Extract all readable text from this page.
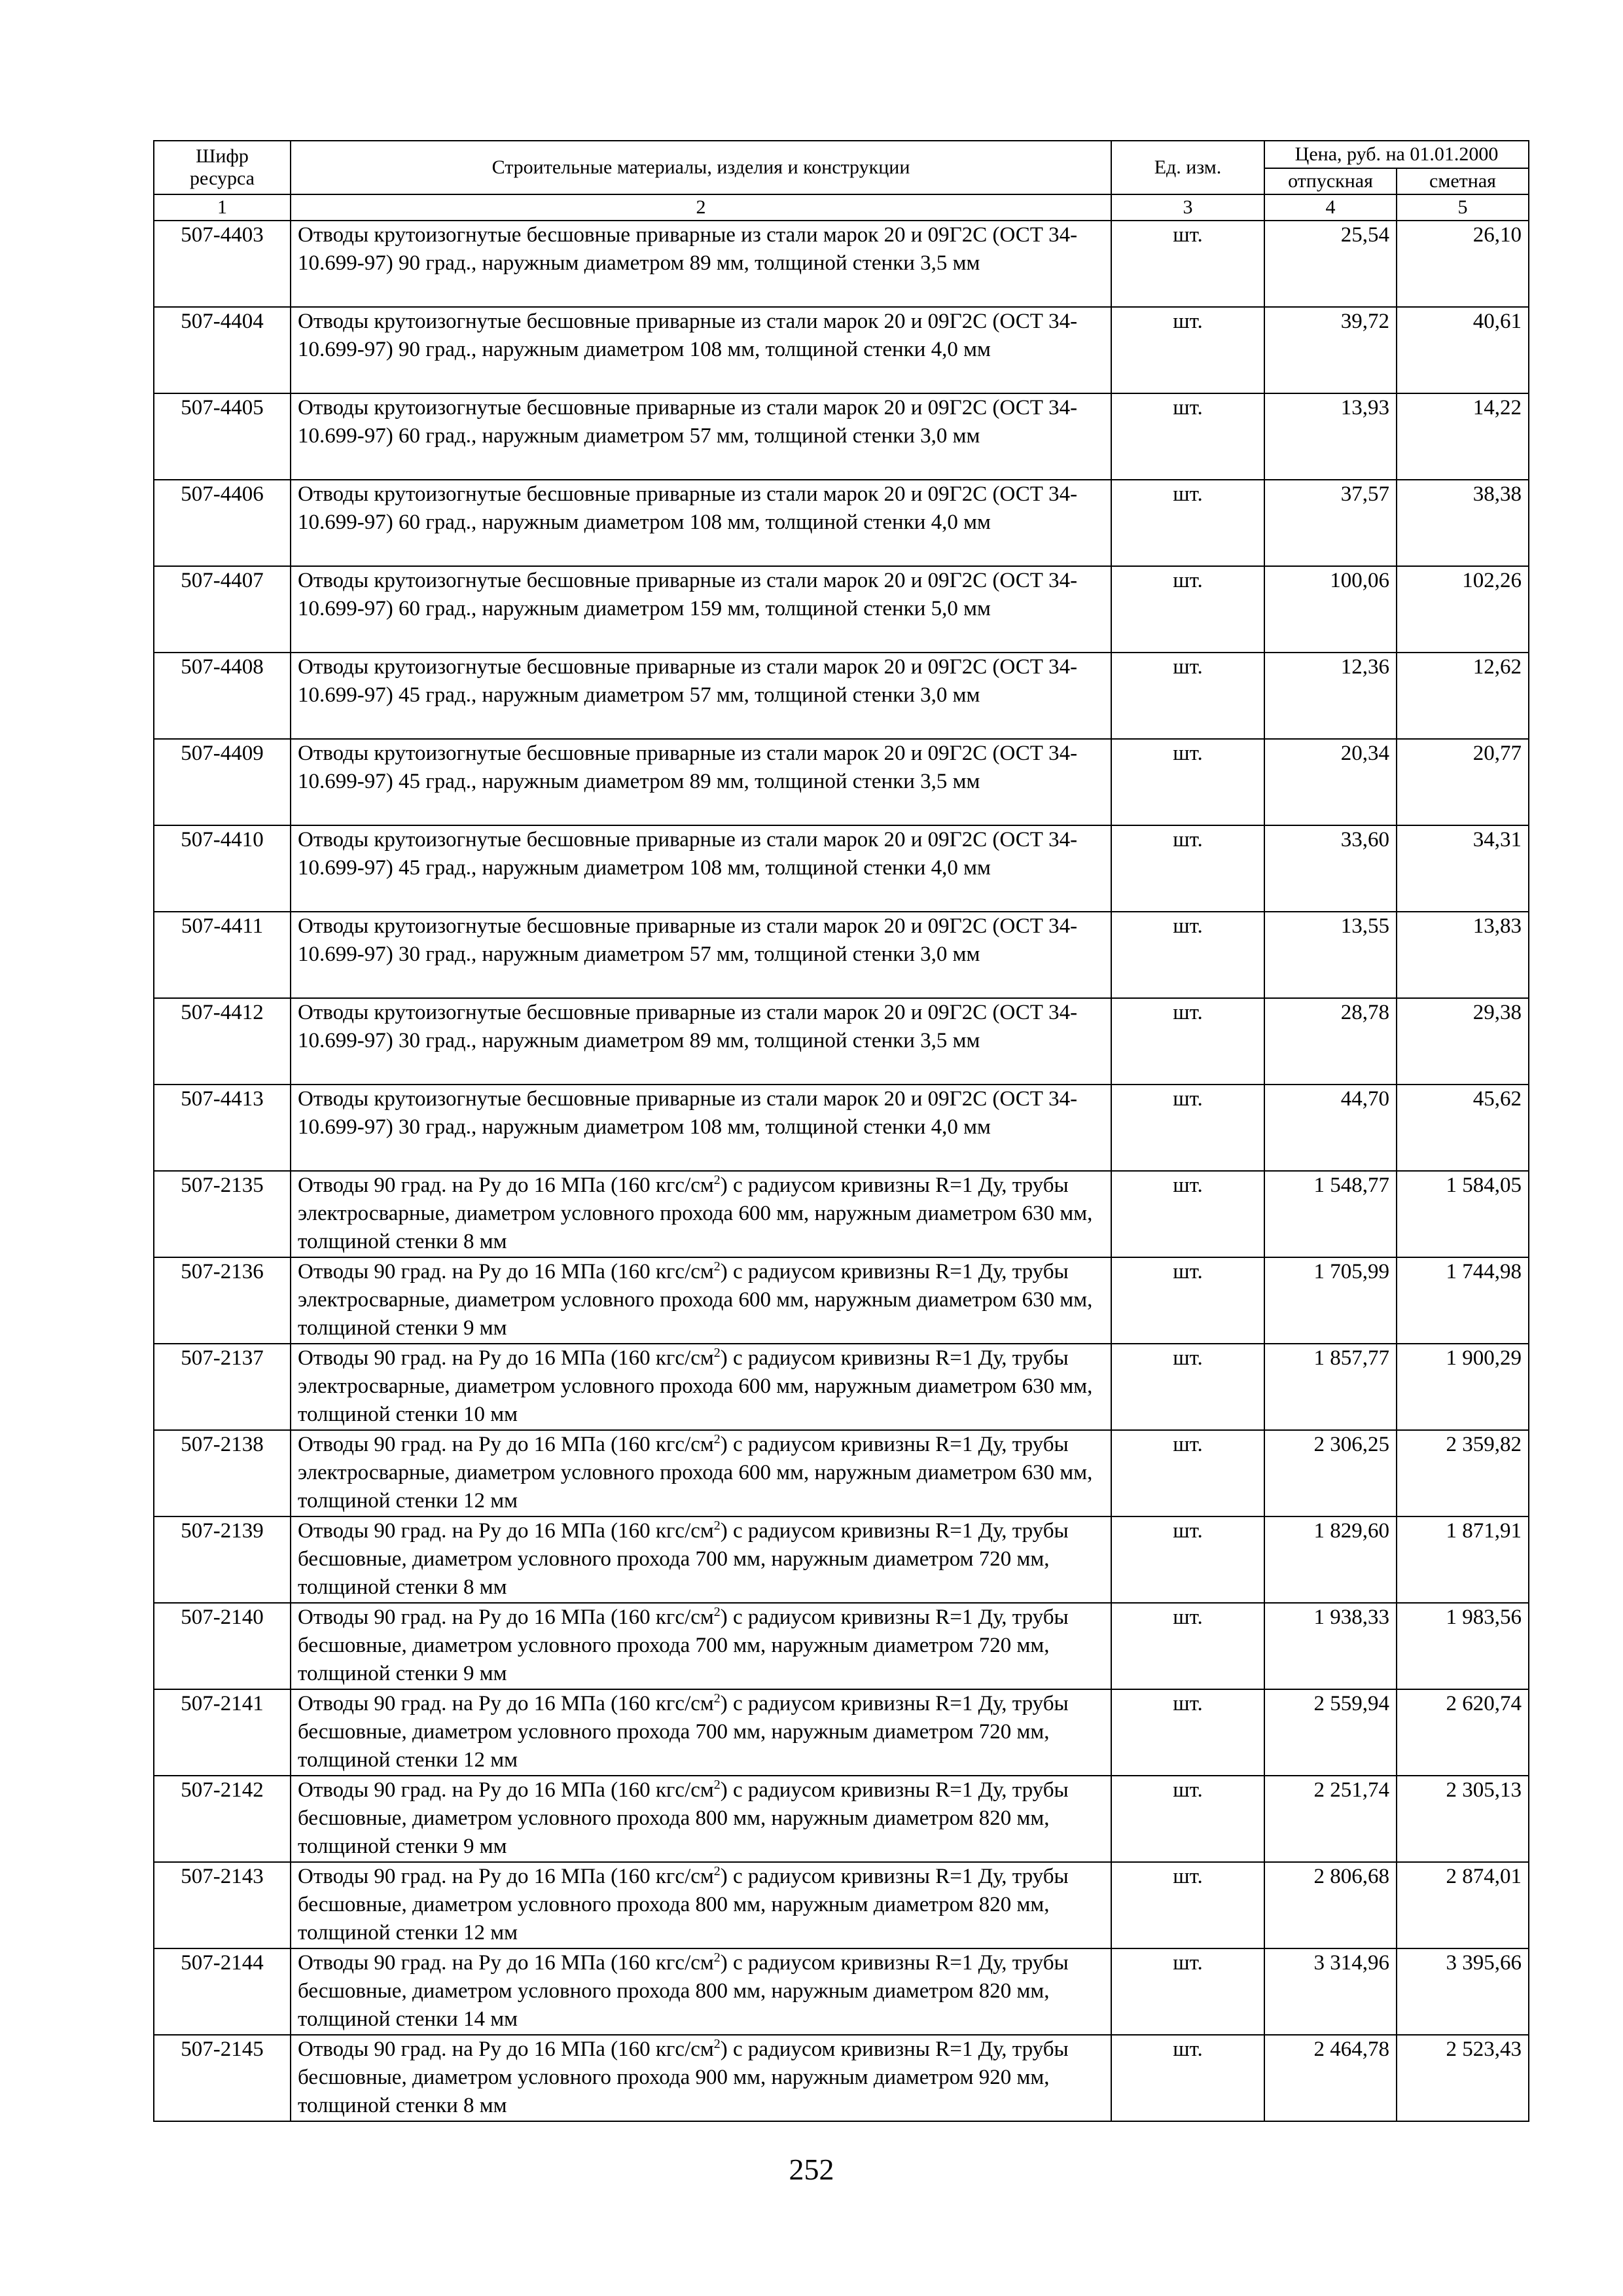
Шифр ресурса	Строительные материалы, изделия и конструкции	Ед. изм.	Цена, руб. на 01.01.2000	
			отпускная	сметная
1	2	3	4	5
507-4403	Отводы крутоизогнутые бесшовные приварные из стали марок 20 и 09Г2С (ОСТ 34-10.699-97) 90 град., наружным диаметром 89 мм, толщиной стенки 3,5 мм	шт.	25,54	26,10
507-4404	Отводы крутоизогнутые бесшовные приварные из стали марок 20 и 09Г2С (ОСТ 34-10.699-97) 90 град., наружным диаметром 108 мм, толщиной стенки 4,0 мм	шт.	39,72	40,61
507-4405	Отводы крутоизогнутые бесшовные приварные из стали марок 20 и 09Г2С (ОСТ 34-10.699-97) 60 град., наружным диаметром 57 мм, толщиной стенки 3,0 мм	шт.	13,93	14,22
507-4406	Отводы крутоизогнутые бесшовные приварные из стали марок 20 и 09Г2С (ОСТ 34-10.699-97) 60 град., наружным диаметром 108 мм, толщиной стенки 4,0 мм	шт.	37,57	38,38
507-4407	Отводы крутоизогнутые бесшовные приварные из стали марок 20 и 09Г2С (ОСТ 34-10.699-97) 60 град., наружным диаметром 159 мм, толщиной стенки 5,0 мм	шт.	100,06	102,26
507-4408	Отводы крутоизогнутые бесшовные приварные из стали марок 20 и 09Г2С (ОСТ 34-10.699-97) 45 град., наружным диаметром 57 мм, толщиной стенки 3,0 мм	шт.	12,36	12,62
507-4409	Отводы крутоизогнутые бесшовные приварные из стали марок 20 и 09Г2С (ОСТ 34-10.699-97) 45 град., наружным диаметром 89 мм, толщиной стенки 3,5 мм	шт.	20,34	20,77
507-4410	Отводы крутоизогнутые бесшовные приварные из стали марок 20 и 09Г2С (ОСТ 34-10.699-97) 45 град., наружным диаметром 108 мм, толщиной стенки 4,0 мм	шт.	33,60	34,31
507-4411	Отводы крутоизогнутые бесшовные приварные из стали марок 20 и 09Г2С (ОСТ 34-10.699-97) 30 град., наружным диаметром 57 мм, толщиной стенки 3,0 мм	шт.	13,55	13,83
507-4412	Отводы крутоизогнутые бесшовные приварные из стали марок 20 и 09Г2С (ОСТ 34-10.699-97) 30 град., наружным диаметром 89 мм, толщиной стенки 3,5 мм	шт.	28,78	29,38
507-4413	Отводы крутоизогнутые бесшовные приварные из стали марок 20 и 09Г2С (ОСТ 34-10.699-97) 30 град., наружным диаметром 108 мм, толщиной стенки 4,0 мм	шт.	44,70	45,62
507-2135	Отводы 90 град. на Ру до 16 МПа (160 кгс/$см^2$) с радиусом кривизны R=1 Ду, трубы электросварные, диаметром условного прохода 600 мм, наружным диаметром 630 мм, толщиной стенки 8 мм	шт.	1 548,77	1 584,05
507-2136	Отводы 90 град. на Ру до 16 МПа (160 кгс/$см^2$) с радиусом кривизны R=1 Ду, трубы электросварные, диаметром условного прохода 600 мм, наружным диаметром 630 мм, толщиной стенки 9 мм	шт.	1 705,99	1 744,98
507-2137	Отводы 90 град. на Ру до 16 МПа (160 кгс/$см^2$) с радиусом кривизны R=1 Ду, трубы электросварные, диаметром условного прохода 600 мм, наружным диаметром 630 мм, толщиной стенки 10 мм	шт.	1 857,77	1 900,29
507-2138	Отводы 90 град. на Ру до 16 МПа (160 кгс/$см^2$) с радиусом кривизны R=1 Ду, трубы электросварные, диаметром условного прохода 600 мм, наружным диаметром 630 мм, толщиной стенки 12 мм	шт.	2 306,25	2 359,82
507-2139	Отводы 90 град. на Ру до 16 МПа (160 кгс/$см^2$) с радиусом кривизны R=1 Ду, трубы бесшовные, диаметром условного прохода 700 мм, наружным диаметром 720 мм, толщиной стенки 8 мм	шт.	1 829,60	1 871,91
507-2140	Отводы 90 град. на Ру до 16 МПа (160 кгс/$см^2$) с радиусом кривизны R=1 Ду, трубы бесшовные, диаметром условного прохода 700 мм, наружным диаметром 720 мм, толщиной стенки 9 мм	шт.	1 938,33	1 983,56
507-2141	Отводы 90 град. на Ру до 16 МПа (160 кгс/$см^2$) с радиусом кривизны R=1 Ду, трубы бесшовные, диаметром условного прохода 700 мм, наружным диаметром 720 мм, толщиной стенки 12 мм	шт.	2 559,94	2 620,74
507-2142	Отводы 90 град. на Ру до 16 МПа (160 кгс/$см^2$) с радиусом кривизны R=1 Ду, трубы бесшовные, диаметром условного прохода 800 мм, наружным диаметром 820 мм, толщиной стенки 9 мм	шт.	2 251,74	2 305,13
507-2143	Отводы 90 град. на Ру до 16 МПа (160 кгс/$см^2$) с радиусом кривизны R=1 Ду, трубы бесшовные, диаметром условного прохода 800 мм, наружным диаметром 820 мм, толщиной стенки 12 мм	шт.	2 806,68	2 874,01
507-2144	Отводы 90 град. на Ру до 16 МПа (160 кгс/$см^2$) с радиусом кривизны R=1 Ду, трубы бесшовные, диаметром условного прохода 800 мм, наружным диаметром 820 мм, толщиной стенки 14 мм	шт.	3 314,96	3 395,66
507-2145	Отводы 90 град. на Ру до 16 МПа (160 кгс/$см^2$) с радиусом кривизны R=1 Ду, трубы бесшовные, диаметром условного прохода 900 мм, наружным диаметром 920 мм, толщиной стенки 8 мм	шт.	2 464,78	2 523,43
252
